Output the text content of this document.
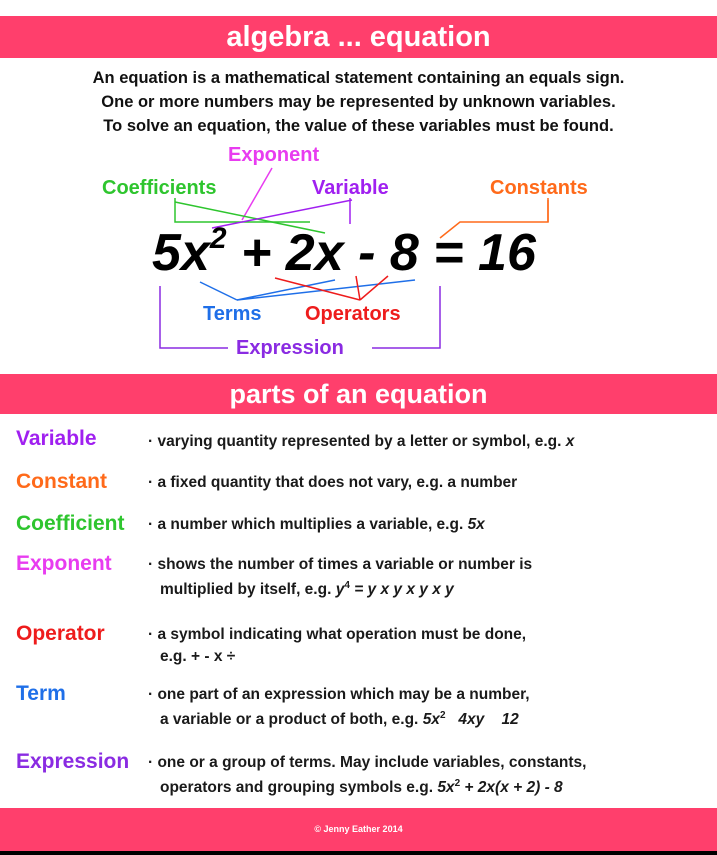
algebra ... equation
An equation is a mathematical statement containing an equals sign.
One or more numbers may be represented by unknown variables.
To solve an equation, the value of these variables must be found.
Exponent
Coefficients	Variable	Constants
$5x^2 + 2x - 8 = 16$
Terms Operators
Expression
parts of an equation
Variable	· varying quantity represented by a letter or symbol, e.g. x
Constant	· a fixed quantity that does not vary, e.g. a number
Coefficient · a number which multiplies a variable, e.g. 5x
Exponent · shows the number of times a variable or number is
multiplied by itself, e.g. $y^4 = y$ x y x y x y
Operator	· a symbol indicating what operation must be done,
e.g. + - x ÷
Term	· one part of an expression which may be a number,
a variable or a product of both, e.g. $5x^2$   4xy    12
Expression · one or a group of terms. May include variables, constants,
operators and grouping symbols e.g. $5x^2 + 2x(x + 2) - 8$
© Jenny Eather 2014
